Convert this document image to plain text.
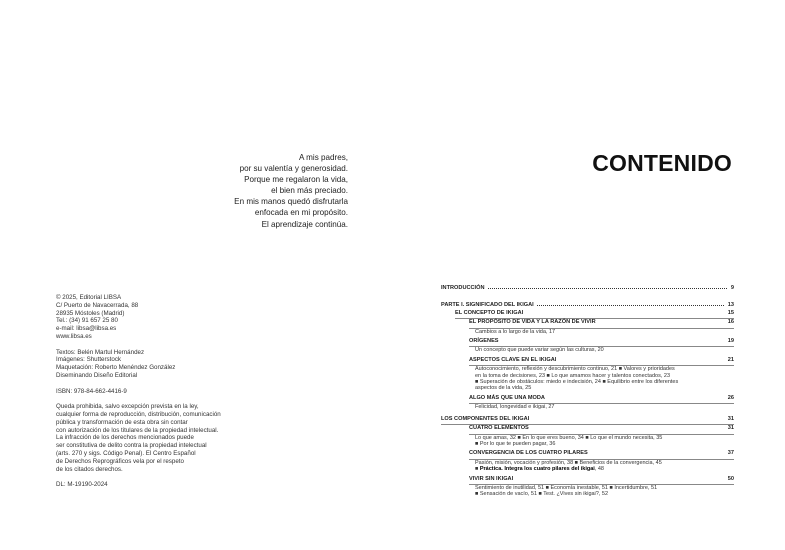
A mis padres,
por su valentía y generosidad.
Porque me regalaron la vida,
el bien más preciado.
En mis manos quedó disfrutarla
enfocada en mi propósito.
El aprendizaje continúa.
© 2025, Editorial LIBSA
C/ Puerto de Navacerrada, 88
28935 Móstoles (Madrid)
Tel.: (34) 91 657 25 80
e-mail: libsa@libsa.es
www.libsa.es
Textos: Belén Martul Hernández
Imágenes: Shutterstock
Maquetación: Roberto Menéndez González
Diseminando Diseño Editorial
ISBN: 978-84-662-4416-9
Queda prohibida, salvo excepción prevista en la ley,
cualquier forma de reproducción, distribución, comunicación
pública y transformación de esta obra sin contar
con autorización de los titulares de la propiedad intelectual.
La infracción de los derechos mencionados puede
ser constitutiva de delito contra la propiedad intelectual
(arts. 270 y sigs. Código Penal). El Centro Español
de Derechos Reprográficos vela por el respeto
de los citados derechos.
DL: M-19190-2024
CONTENIDO
INTRODUCCIÓN	9
PARTE I. SIGNIFICADO DEL IKIGAI	13
EL CONCEPTO DE IKIGAI	15
EL PROPÓSITO DE VIDA Y LA RAZÓN DE VIVIR	16
Cambios a lo largo de la vida, 17
ORÍGENES	19
Un concepto que puede variar según las culturas, 20
ASPECTOS CLAVE EN EL IKIGAI	21
Autoconocimiento, reflexión y descubrimiento continuo, 21 ■ Valores y prioridades
en la toma de decisiones, 23 ■ Lo que amamos hacer y talentos conectados, 23
■ Superación de obstáculos: miedo e indecisión, 24 ■ Equilibrio entre los diferentes
aspectos de la vida, 25
ALGO MÁS QUE UNA MODA	26
Felicidad, longevidad e ikigai, 27
LOS COMPONENTES DEL IKIGAI	31
CUATRO ELEMENTOS	31
Lo que amas, 32 ■ En lo que eres bueno, 34 ■ Lo que el mundo necesita, 35
■ Por lo que te pueden pagar, 36
CONVERGENCIA DE LOS CUATRO PILARES	37
Pasión, misión, vocación y profesión, 38 ■ Beneficios de la convergencia, 45
■ Práctica. Integra los cuatro pilares del ikigai, 48
VIVIR SIN IKIGAI	50
Sentimiento de inutilidad, 51 ■ Economía inestable, 51 ■ Incertidumbre, 51
■ Sensación de vacío, 51 ■ Test. ¿Vives sin ikigai?, 52
